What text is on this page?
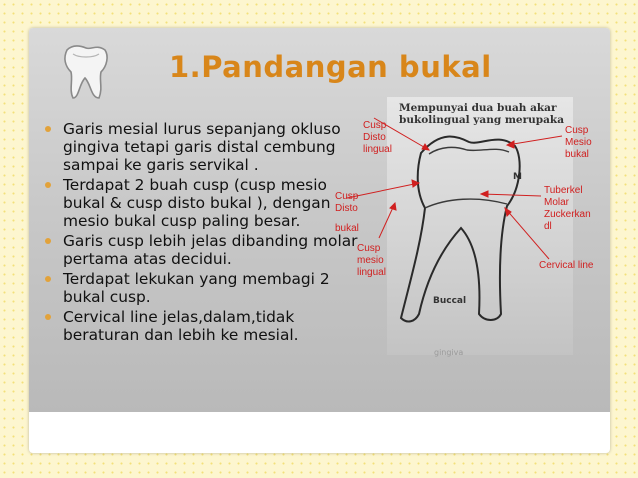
1.Pandangan bukal
Garis mesial lurus sepanjang okluso gingiva tetapi garis distal cembung sampai ke garis servikal .
Terdapat 2 buah cusp (cusp mesio bukal & cusp disto bukal ), dengan mesio bukal cusp paling besar.
Garis cusp lebih jelas dibanding molar pertama atas decidui.
Terdapat lekukan yang membagi 2 bukal cusp.
Cervical line jelas,dalam,tidak beraturan dan lebih ke mesial.
Mempunyai dua buah akar
bukolingual yang merupaka
M
Buccal
gingiva
Cusp
Disto
lingual
Cusp
Mesio
bukal
Cusp
Disto
bukal
Tuberkel
Molar
Zuckerkan
dl
Cusp
mesio
lingual
Cervical line
